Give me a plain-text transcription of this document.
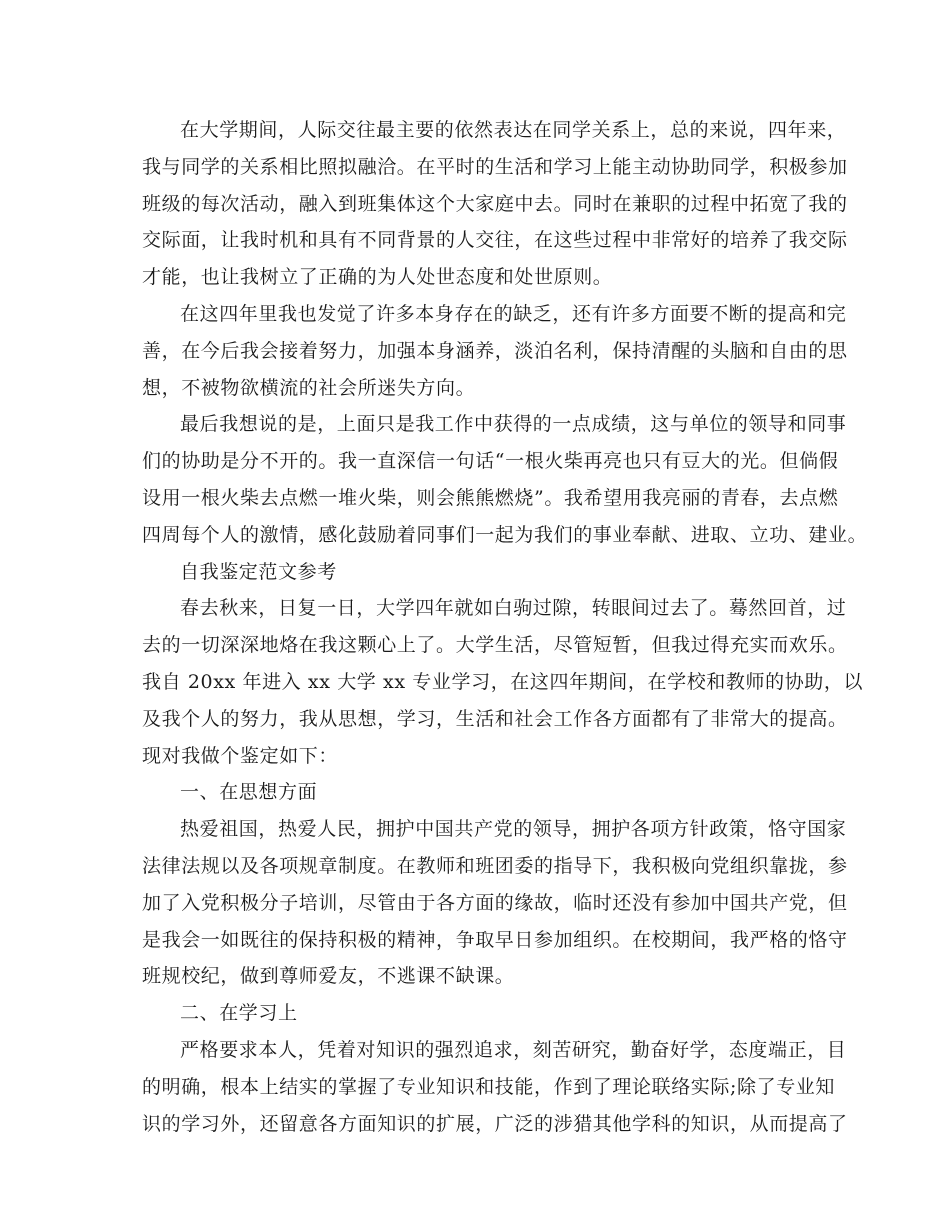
在大学期间，人际交往最主要的依然表达在同学关系上，总的来说，四年来，
我与同学的关系相比照拟融洽。在平时的生活和学习上能主动协助同学，积极参加
班级的每次活动，融入到班集体这个大家庭中去。同时在兼职的过程中拓宽了我的
交际面，让我时机和具有不同背景的人交往，在这些过程中非常好的培养了我交际
才能，也让我树立了正确的为人处世态度和处世原则。

在这四年里我也发觉了许多本身存在的缺乏，还有许多方面要不断的提高和完
善，在今后我会接着努力，加强本身涵养，淡泊名利，保持清醒的头脑和自由的思
想，不被物欲横流的社会所迷失方向。

最后我想说的是，上面只是我工作中获得的一点成绩，这与单位的领导和同事
们的协助是分不开的。我一直深信一句话“一根火柴再亮也只有豆大的光。但倘假
设用一根火柴去点燃一堆火柴，则会熊熊燃烧”。我希望用我亮丽的青春，去点燃
四周每个人的激情，感化鼓励着同事们一起为我们的事业奉献、进取、立功、建业。

自我鉴定范文参考

春去秋来，日复一日，大学四年就如白驹过隙，转眼间过去了。蓦然回首，过
去的一切深深地烙在我这颗心上了。大学生活，尽管短暂，但我过得充实而欢乐。
我自 20xx 年进入 xx 大学 xx 专业学习，在这四年期间，在学校和教师的协助，以
及我个人的努力，我从思想，学习，生活和社会工作各方面都有了非常大的提高。
现对我做个鉴定如下：

一、在思想方面

热爱祖国，热爱人民，拥护中国共产党的领导，拥护各项方针政策，恪守国家
法律法规以及各项规章制度。在教师和班团委的指导下，我积极向党组织靠拢，参
加了入党积极分子培训，尽管由于各方面的缘故，临时还没有参加中国共产党，但
是我会一如既往的保持积极的精神，争取早日参加组织。在校期间，我严格的恪守
班规校纪，做到尊师爱友，不逃课不缺课。

二、在学习上

严格要求本人，凭着对知识的强烈追求，刻苦研究，勤奋好学，态度端正，目
的明确，根本上结实的掌握了专业知识和技能，作到了理论联络实际;除了专业知
识的学习外，还留意各方面知识的扩展，广泛的涉猎其他学科的知识，从而提高了
